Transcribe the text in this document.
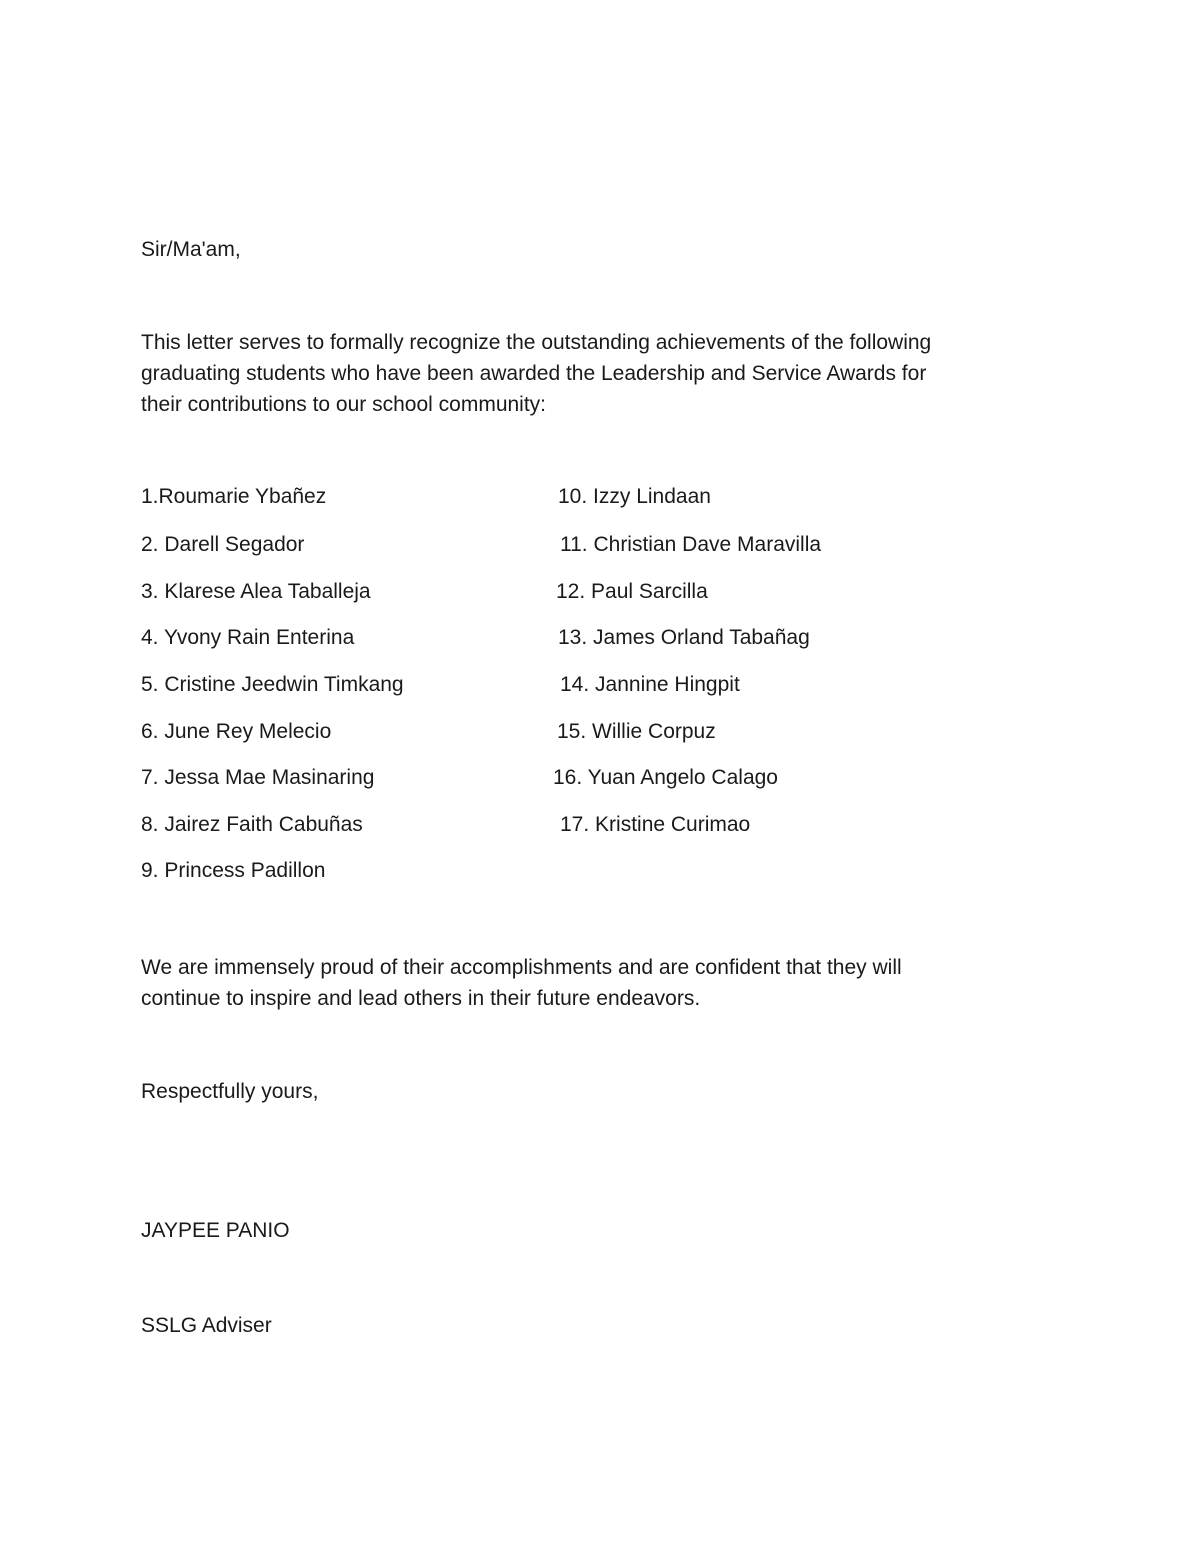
Sir/Ma'am,
This letter serves to formally recognize the outstanding achievements of the following
graduating students who have been awarded the Leadership and Service Awards for
their contributions to our school community:
1.Roumarie Ybañez
2. Darell Segador
3. Klarese Alea Taballeja
4. Yvony Rain Enterina
5. Cristine Jeedwin Timkang
6. June Rey Melecio
7. Jessa Mae Masinaring
8. Jairez Faith Cabuñas
9. Princess Padillon
10. Izzy Lindaan
11. Christian Dave Maravilla
12. Paul Sarcilla
13. James Orland Tabañag
14. Jannine Hingpit
15. Willie Corpuz
16. Yuan Angelo Calago
17. Kristine Curimao
We are immensely proud of their accomplishments and are confident that they will
continue to inspire and lead others in their future endeavors.
Respectfully yours,
JAYPEE PANIO
SSLG Adviser
